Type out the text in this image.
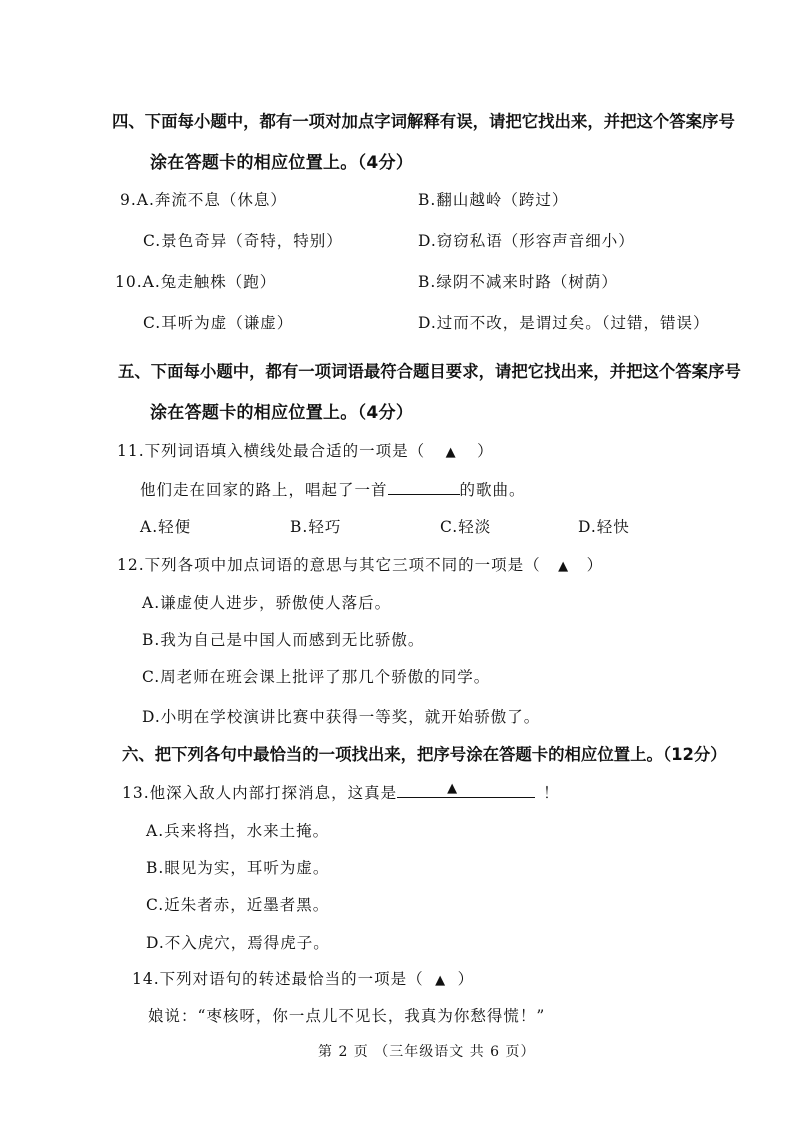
四、下面每小题中，都有一项对加点字词解释有误，请把它找出来，并把这个答案序号
涂在答题卡的相应位置上。（4分）
9.A.奔流不息（休息）	B.翻山越岭（跨过）
C.景色奇异（奇特，特别）	D.窃窃私语（形容声音细小）
10.A.兔走触株（跑）	B.绿阴不减来时路（树荫）
C.耳听为虚（谦虚）	D.过而不改，是谓过矣。（过错，错误）
五、下面每小题中，都有一项词语最符合题目要求，请把它找出来，并把这个答案序号
涂在答题卡的相应位置上。（4分）
11.下列词语填入横线处最合适的一项是（ ▲ ）
他们走在回家的路上，唱起了一首	的歌曲。
A.轻便	B.轻巧	C.轻淡	D.轻快
12.下列各项中加点词语的意思与其它三项不同的一项是（ ▲ ）
A.谦虚使人进步，骄傲使人落后。
B.我为自己是中国人而感到无比骄傲。
C.周老师在班会课上批评了那几个骄傲的同学。
D.小明在学校演讲比赛中获得一等奖，就开始骄傲了。
六、把下列各句中最恰当的一项找出来，把序号涂在答题卡的相应位置上。（12分）
13.他深入敌人内部打探消息，这真是	▲	！
A.兵来将挡，水来土掩。
B.眼见为实，耳听为虚。
C.近朱者赤，近墨者黑。
D.不入虎穴，焉得虎子。
14.下列对语句的转述最恰当的一项是（ ▲ ）
娘说：“枣核呀，你一点儿不见长，我真为你愁得慌！”
第 2 页 （三年级语文 共 6 页）
